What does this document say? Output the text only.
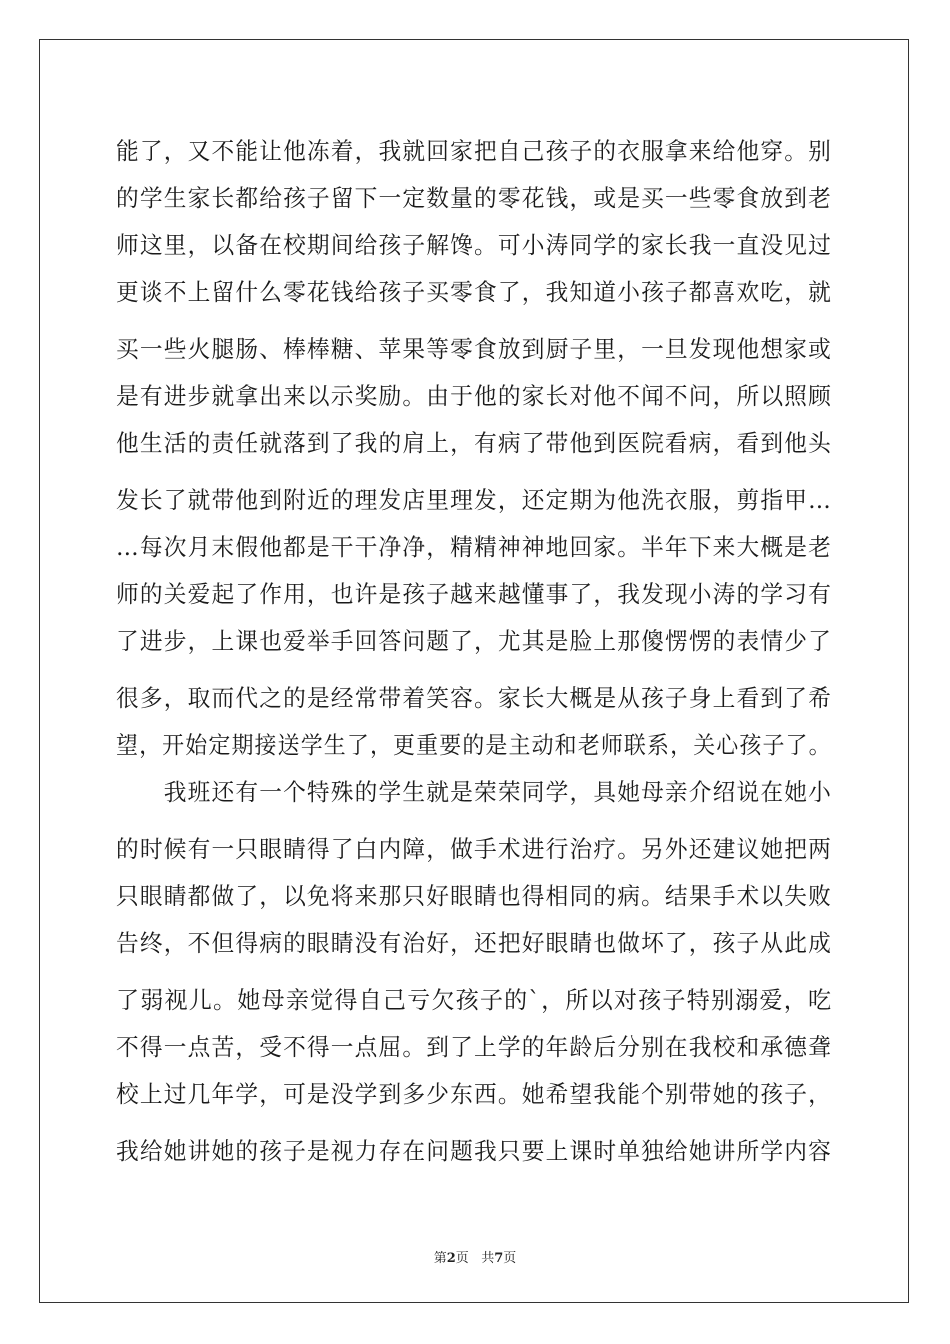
能了，又不能让他冻着，我就回家把自己孩子的衣服拿来给他穿。别
的学生家长都给孩子留下一定数量的零花钱，或是买一些零食放到老
师这里，以备在校期间给孩子解馋。可小涛同学的家长我一直没见过
更谈不上留什么零花钱给孩子买零食了，我知道小孩子都喜欢吃，就
买一些火腿肠、棒棒糖、苹果等零食放到厨子里，一旦发现他想家或
是有进步就拿出来以示奖励。由于他的家长对他不闻不问，所以照顾
他生活的责任就落到了我的肩上，有病了带他到医院看病，看到他头
发长了就带他到附近的理发店里理发，还定期为他洗衣服，剪指甲…
…每次月末假他都是干干净净，精精神神地回家。半年下来大概是老
师的关爱起了作用，也许是孩子越来越懂事了，我发现小涛的学习有
了进步，上课也爱举手回答问题了，尤其是脸上那傻愣愣的表情少了
很多，取而代之的是经常带着笑容。家长大概是从孩子身上看到了希
望，开始定期接送学生了，更重要的是主动和老师联系，关心孩子了。
　　我班还有一个特殊的学生就是荣荣同学，具她母亲介绍说在她小
的时候有一只眼睛得了白内障，做手术进行治疗。另外还建议她把两
只眼睛都做了，以免将来那只好眼睛也得相同的病。结果手术以失败
告终，不但得病的眼睛没有治好，还把好眼睛也做坏了，孩子从此成
了弱视儿。她母亲觉得自己亏欠孩子的`，所以对孩子特别溺爱，吃
不得一点苦，受不得一点屈。到了上学的年龄后分别在我校和承德聋
校上过几年学，可是没学到多少东西。她希望我能个别带她的孩子，
我给她讲她的孩子是视力存在问题我只要上课时单独给她讲所学内容
第2页 共7页
